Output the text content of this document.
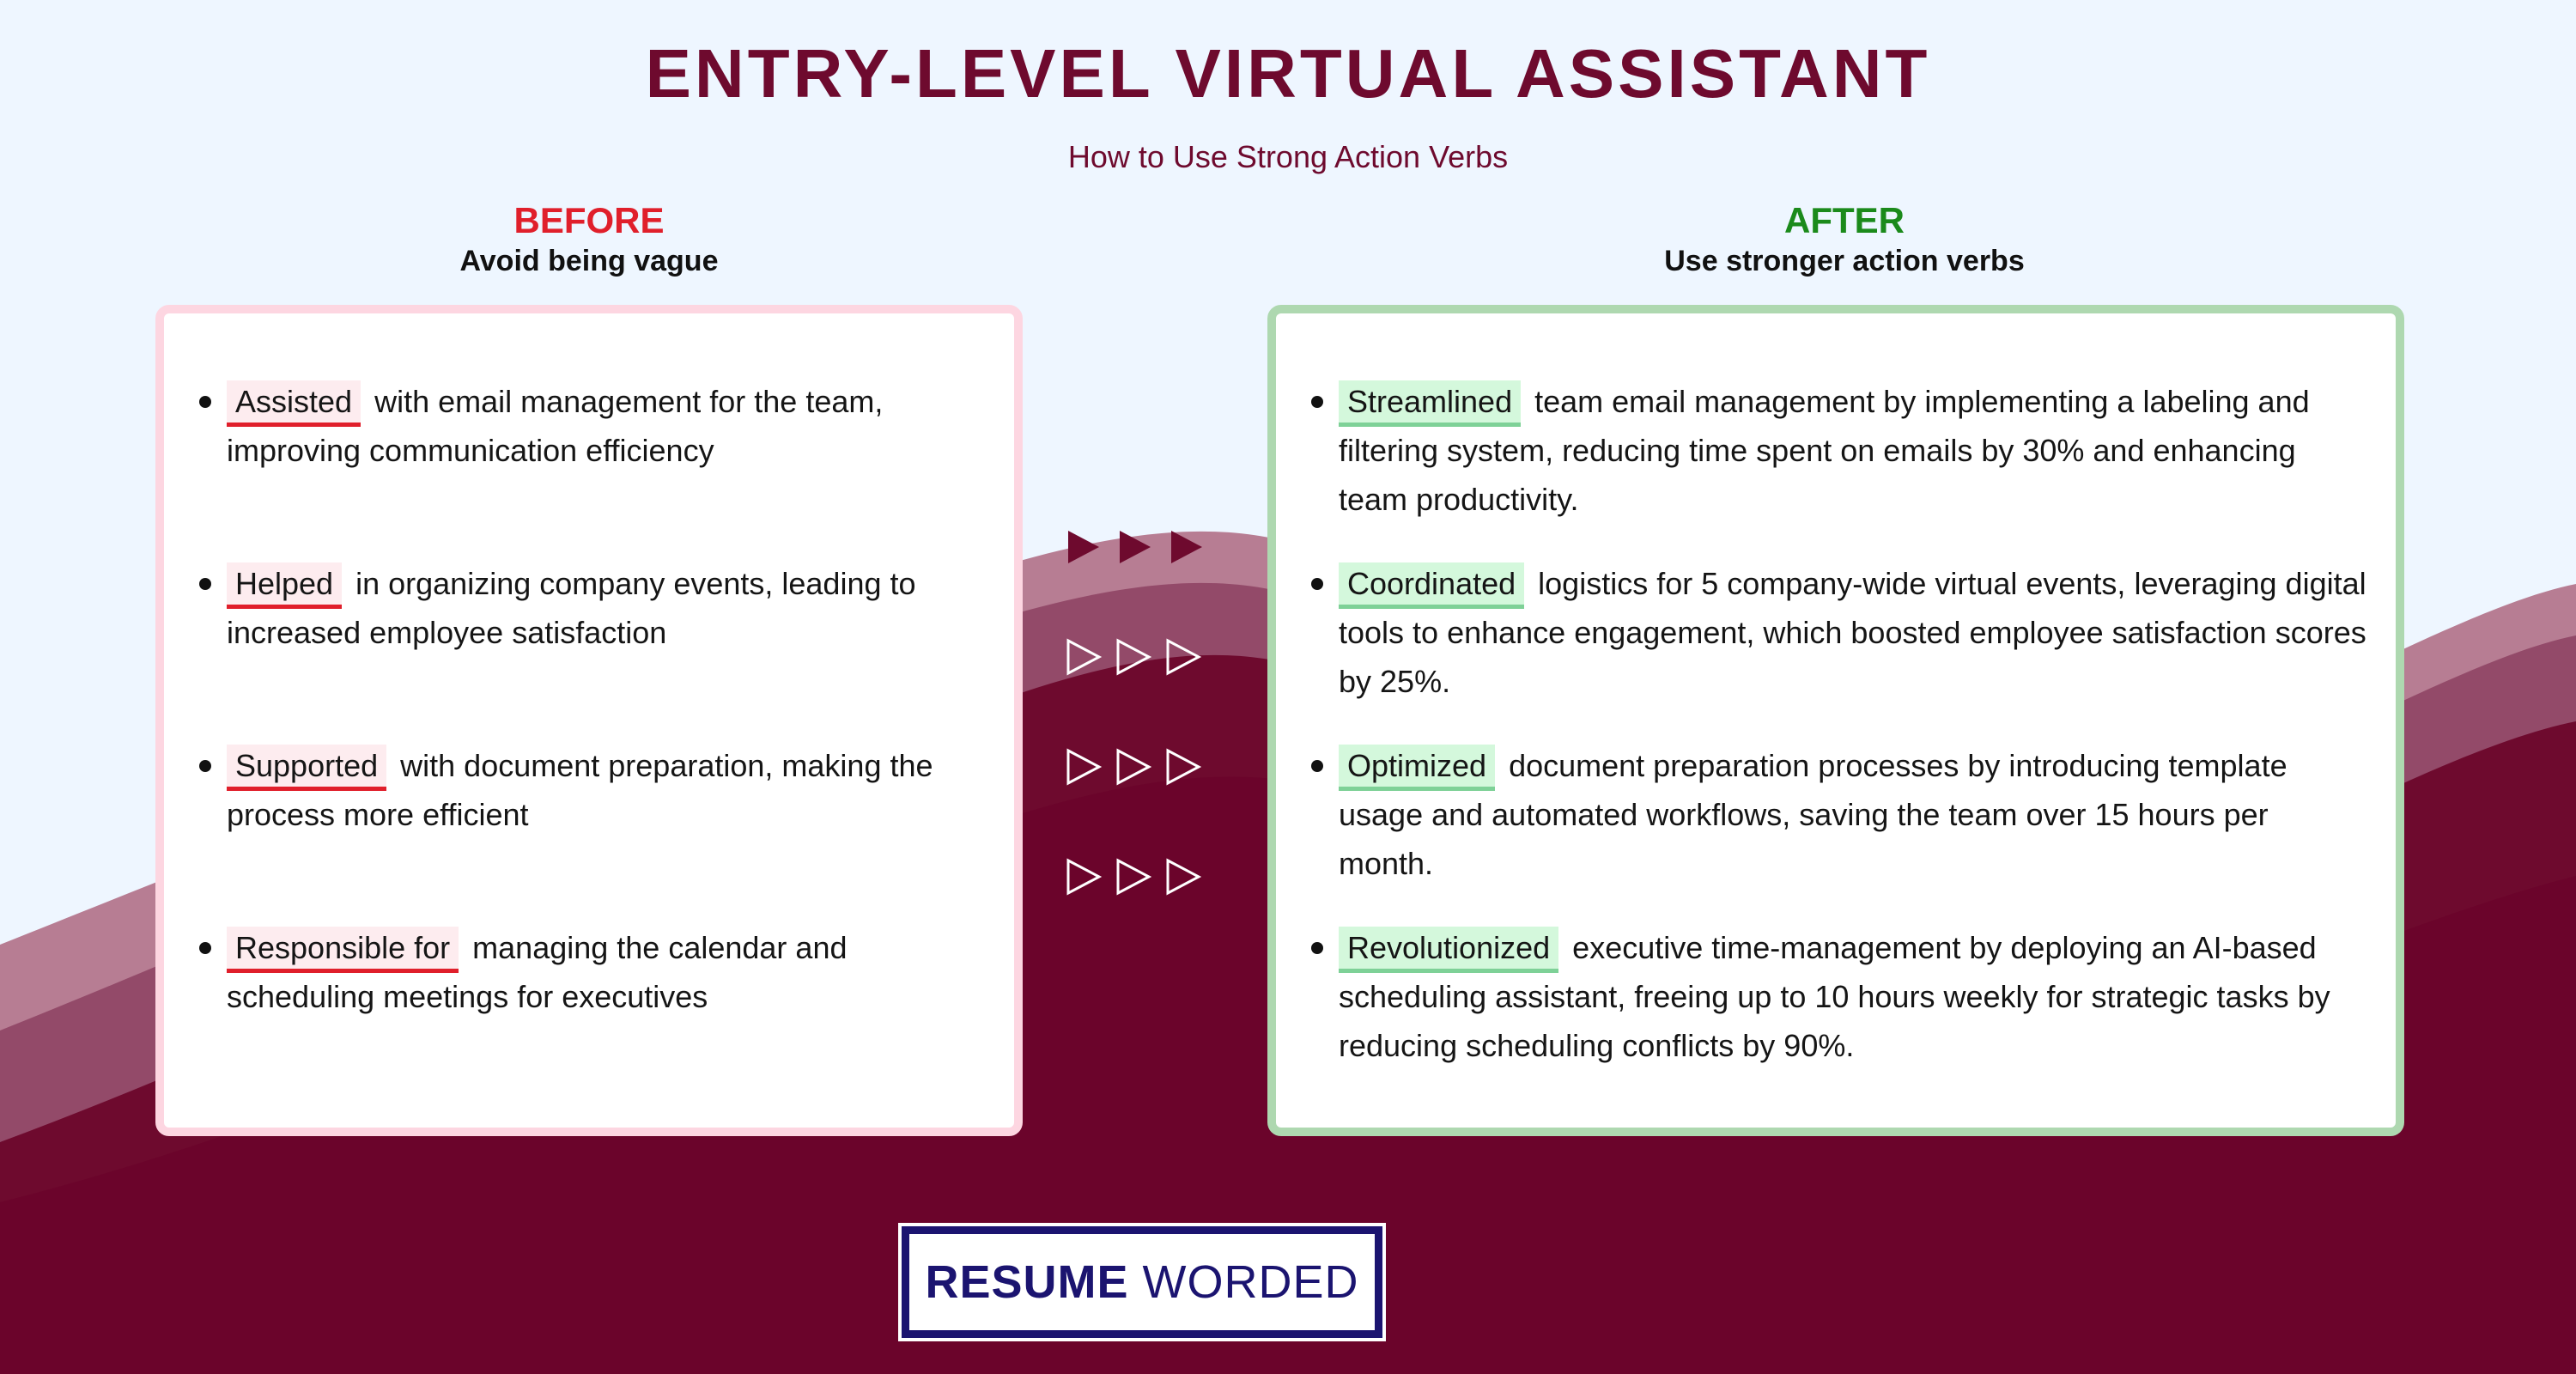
ENTRY-LEVEL VIRTUAL ASSISTANT
How to Use Strong Action Verbs
BEFORE
Avoid being vague
AFTER
Use stronger action verbs
Assisted with email management for the team, improving communication efficiency
Helped in organizing company events, leading to increased employee satisfaction
Supported with document preparation, making the process more efficient
Responsible for managing the calendar and scheduling meetings for executives
Streamlined team email management by implementing a labeling and filtering system, reducing time spent on emails by 30% and enhancing team productivity.
Coordinated logistics for 5 company-wide virtual events, leveraging digital tools to enhance engagement, which boosted employee satisfaction scores by 25%.
Optimized document preparation processes by introducing template usage and automated workflows, saving the team over 15 hours per month.
Revolutionized executive time-management by deploying an AI-based scheduling assistant, freeing up to 10 hours weekly for strategic tasks by reducing scheduling conflicts by 90%.
RESUME WORDED
